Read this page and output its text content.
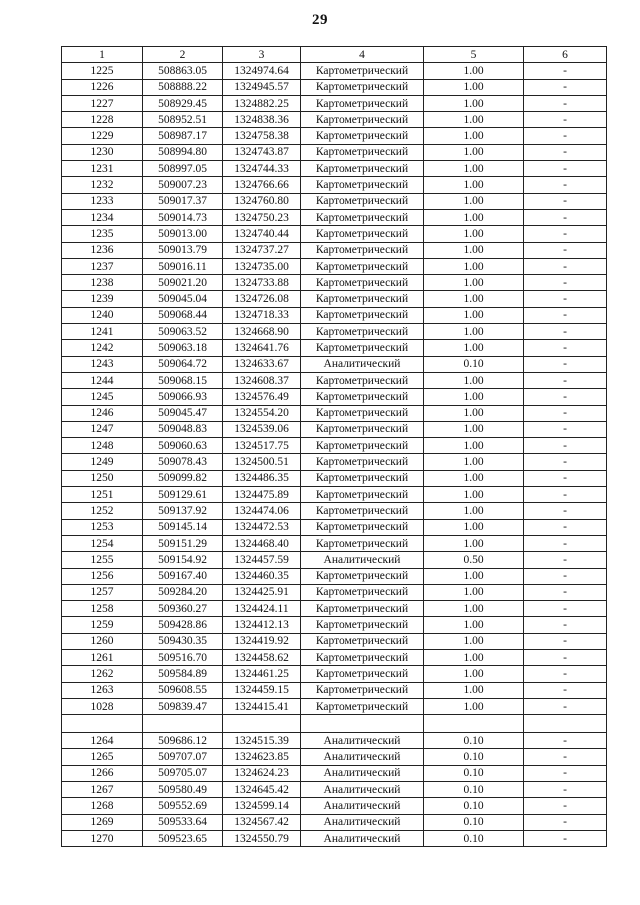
29
1	2	3	4	5	6
1225	508863.05	1324974.64	Картометрический	1.00	-
1226	508888.22	1324945.57	Картометрический	1.00	-
1227	508929.45	1324882.25	Картометрический	1.00	-
1228	508952.51	1324838.36	Картометрический	1.00	-
1229	508987.17	1324758.38	Картометрический	1.00	-
1230	508994.80	1324743.87	Картометрический	1.00	-
1231	508997.05	1324744.33	Картометрический	1.00	-
1232	509007.23	1324766.66	Картометрический	1.00	-
1233	509017.37	1324760.80	Картометрический	1.00	-
1234	509014.73	1324750.23	Картометрический	1.00	-
1235	509013.00	1324740.44	Картометрический	1.00	-
1236	509013.79	1324737.27	Картометрический	1.00	-
1237	509016.11	1324735.00	Картометрический	1.00	-
1238	509021.20	1324733.88	Картометрический	1.00	-
1239	509045.04	1324726.08	Картометрический	1.00	-
1240	509068.44	1324718.33	Картометрический	1.00	-
1241	509063.52	1324668.90	Картометрический	1.00	-
1242	509063.18	1324641.76	Картометрический	1.00	-
1243	509064.72	1324633.67	Аналитический	0.10	-
1244	509068.15	1324608.37	Картометрический	1.00	-
1245	509066.93	1324576.49	Картометрический	1.00	-
1246	509045.47	1324554.20	Картометрический	1.00	-
1247	509048.83	1324539.06	Картометрический	1.00	-
1248	509060.63	1324517.75	Картометрический	1.00	-
1249	509078.43	1324500.51	Картометрический	1.00	-
1250	509099.82	1324486.35	Картометрический	1.00	-
1251	509129.61	1324475.89	Картометрический	1.00	-
1252	509137.92	1324474.06	Картометрический	1.00	-
1253	509145.14	1324472.53	Картометрический	1.00	-
1254	509151.29	1324468.40	Картометрический	1.00	-
1255	509154.92	1324457.59	Аналитический	0.50	-
1256	509167.40	1324460.35	Картометрический	1.00	-
1257	509284.20	1324425.91	Картометрический	1.00	-
1258	509360.27	1324424.11	Картометрический	1.00	-
1259	509428.86	1324412.13	Картометрический	1.00	-
1260	509430.35	1324419.92	Картометрический	1.00	-
1261	509516.70	1324458.62	Картометрический	1.00	-
1262	509584.89	1324461.25	Картометрический	1.00	-
1263	509608.55	1324459.15	Картометрический	1.00	-
1028	509839.47	1324415.41	Картометрический	1.00	-

1264	509686.12	1324515.39	Аналитический	0.10	-
1265	509707.07	1324623.85	Аналитический	0.10	-
1266	509705.07	1324624.23	Аналитический	0.10	-
1267	509580.49	1324645.42	Аналитический	0.10	-
1268	509552.69	1324599.14	Аналитический	0.10	-
1269	509533.64	1324567.42	Аналитический	0.10	-
1270	509523.65	1324550.79	Аналитический	0.10	-
